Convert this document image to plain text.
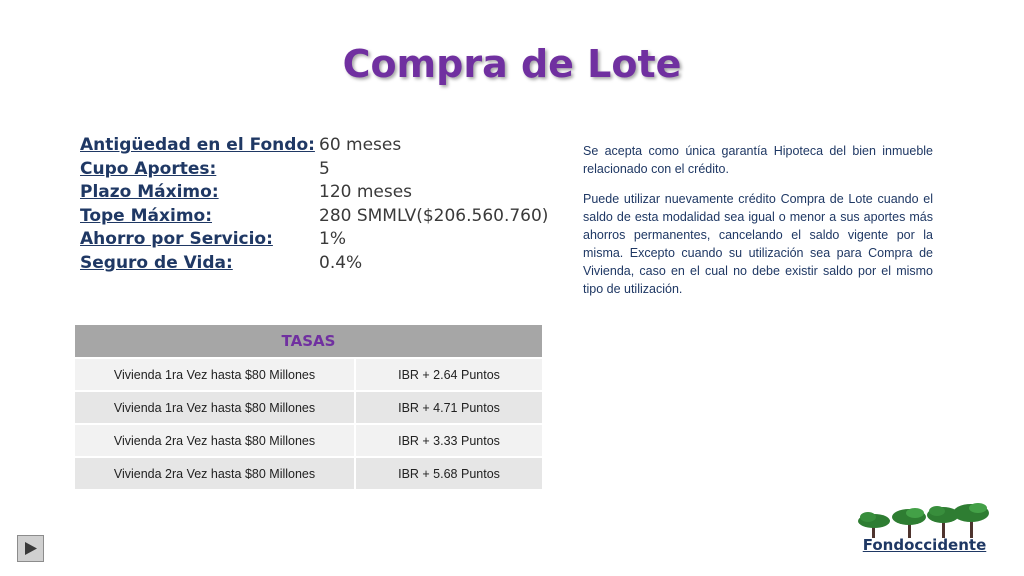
Compra de Lote
Antigüedad en el Fondo: 60 meses
Cupo Aportes:	5
Plazo Máximo:	120 meses
Tope Máximo:	280 SMMLV($206.560.760)
Ahorro por Servicio:	1%
Seguro de Vida:	0.4%

Se acepta como única garantía Hipoteca del bien inmueble relacionado con el crédito.

Puede utilizar nuevamente crédito Compra de Lote cuando el saldo de esta modalidad sea igual o menor a sus aportes más ahorros permanentes, cancelando el saldo vigente por la misma. Excepto cuando su utilización sea para Compra de Vivienda, caso en el cual no debe existir saldo por el mismo tipo de utilización.

TASAS	
Vivienda 1ra Vez hasta $80 Millones	IBR + 2.64 Puntos
Vivienda 1ra Vez hasta $80 Millones	IBR + 4.71 Puntos
Vivienda 2ra Vez hasta $80 Millones	IBR + 3.33 Puntos
Vivienda 2ra Vez hasta $80 Millones	IBR + 5.68 Puntos
Fondoccidente
